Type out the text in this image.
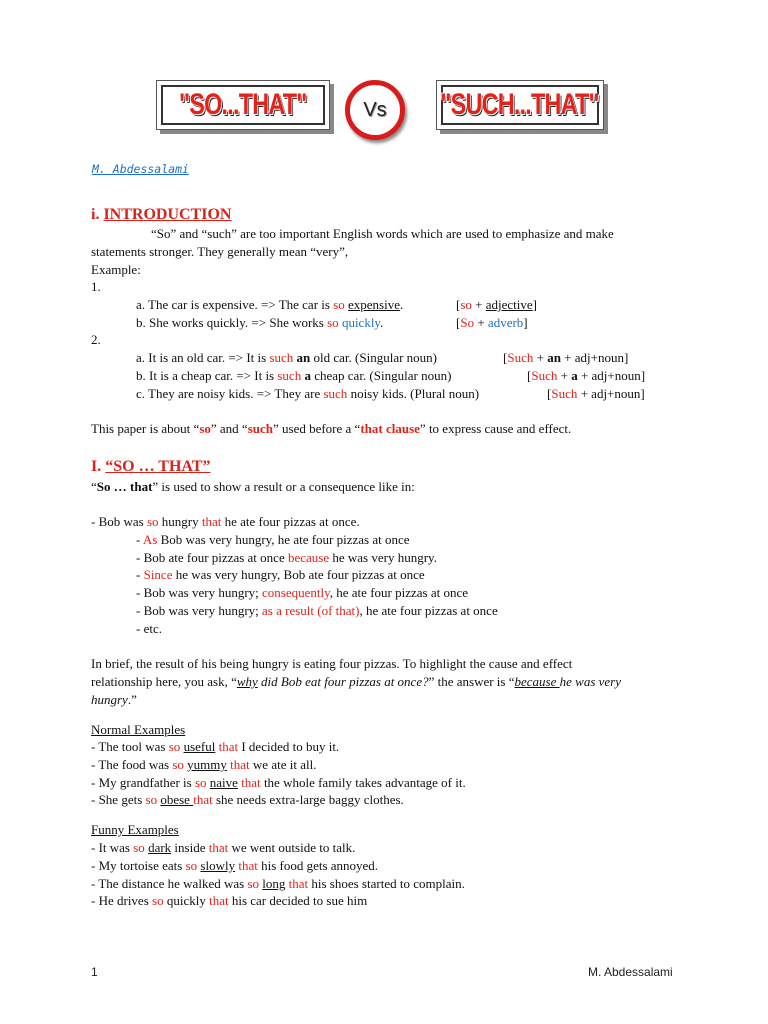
"SO...THAT"	Vs "SUCH...THAT"
M. Abdessalami
i. INTRODUCTION
“So” and “such” are too important English words which are used to emphasize and make
statements stronger. They generally mean “very”,
Example:
1.
a. The car is expensive. => The car is so expensive.	[so + adjective]
b. She works quickly. => She works so quickly.	[So + adverb]
2.
a. It is an old car. => It is such an old car. (Singular noun)	[Such + an + adj+noun]
b. It is a cheap car. => It is such a cheap car. (Singular noun)	[Such + a + adj+noun]
c. They are noisy kids. => They are such noisy kids. (Plural noun)	[Such + adj+noun]
This paper is about “so” and “such” used before a “that clause” to express cause and effect.
I. “SO … THAT”
“So … that” is used to show a result or a consequence like in:
- Bob was so hungry that he ate four pizzas at once.
- As Bob was very hungry, he ate four pizzas at once
- Bob ate four pizzas at once because he was very hungry.
- Since he was very hungry, Bob ate four pizzas at once
- Bob was very hungry; consequently, he ate four pizzas at once
- Bob was very hungry; as a result (of that), he ate four pizzas at once
- etc.
In brief, the result of his being hungry is eating four pizzas. To highlight the cause and effect
relationship here, you ask, “why did Bob eat four pizzas at once?” the answer is “because he was very
hungry.”
Normal Examples
- The tool was so useful that I decided to buy it.
- The food was so yummy that we ate it all.
- My grandfather is so naive that the whole family takes advantage of it.
- She gets so obese that she needs extra-large baggy clothes.
Funny Examples
- It was so dark inside that we went outside to talk.
- My tortoise eats so slowly that his food gets annoyed.
- The distance he walked was so long that his shoes started to complain.
- He drives so quickly that his car decided to sue him
1	M. Abdessalami
